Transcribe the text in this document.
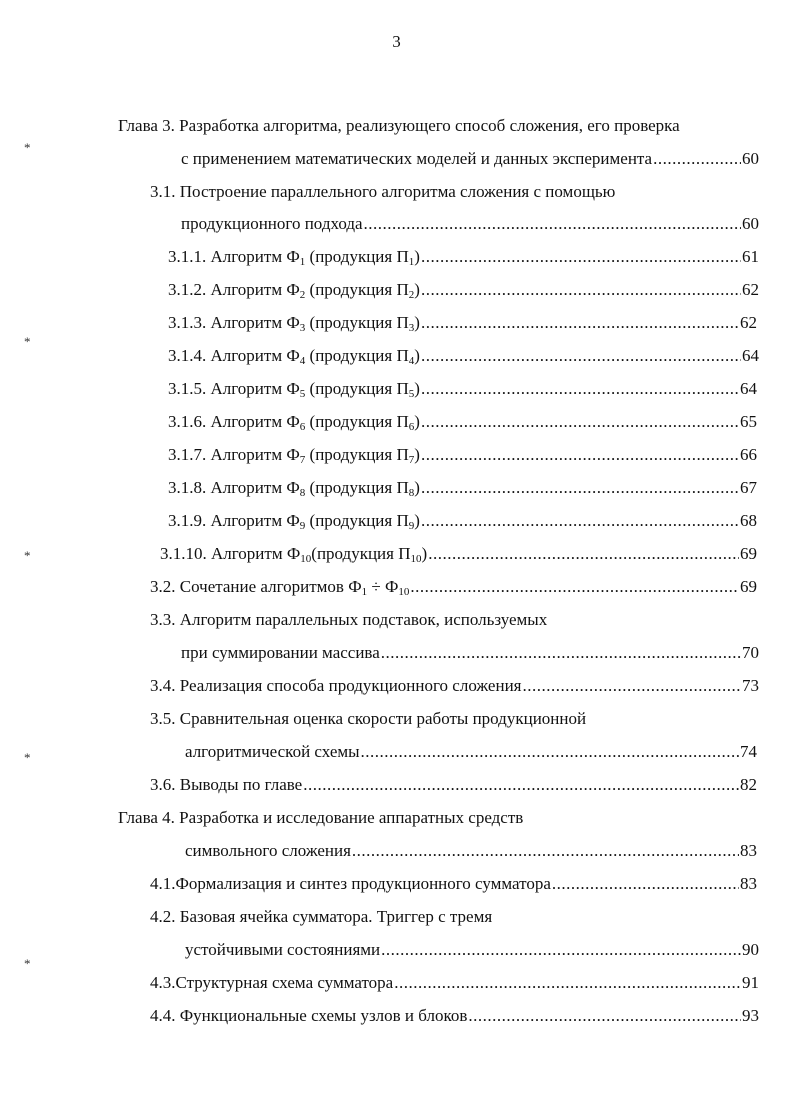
3
*
*
*
*
*
Глава 3. Разработка алгоритма, реализующего способ сложения, его проверка
с применением математических моделей и данных эксперимента .....	60
3.1. Построение параллельного алгоритма сложения с помощью
продукционного подхода .....	60
3.1.1. Алгоритм $Ф_1$ (продукция $П_1$) .....	61
3.1.2. Алгоритм $Ф_2$ (продукция $П_2$) .....	62
3.1.3. Алгоритм $Ф_3$ (продукция $П_3$) .....	62
3.1.4. Алгоритм $Ф_4$ (продукция $П_4$) .....	64
3.1.5. Алгоритм $Ф_5$ (продукция $П_5$) .....	64
3.1.6. Алгоритм $Ф_6$ (продукция $П_6$) .....	65
3.1.7. Алгоритм $Ф_7$ (продукция $П_7$) .....	66
3.1.8. Алгоритм $Ф_8$ (продукция $П_8$) .....	67
3.1.9. Алгоритм $Ф_9$ (продукция $П_9$) .....	68
3.1.10. Алгоритм $Ф_{10}(продукция$ $П_{10}$) .....	69
3.2. Сочетание алгоритмов $Ф_1 \div Ф_{10}$ .....	69
3.3. Алгоритм параллельных подставок, используемых
при суммировании массива .....	70
3.4. Реализация способа продукционного сложения .....	73
3.5. Сравнительная оценка скорости работы продукционной
алгоритмической схемы .....	74
3.6. Выводы по главе .....	82
Глава 4. Разработка и исследование аппаратных средств
символьного сложения .....	83
4.1.Формализация и синтез продукционного сумматора .....	83
4.2. Базовая ячейка сумматора. Триггер с тремя
устойчивыми состояниями .....	90
4.3.Структурная схема сумматора .....	91
4.4. Функциональные схемы узлов и блоков .....	93
